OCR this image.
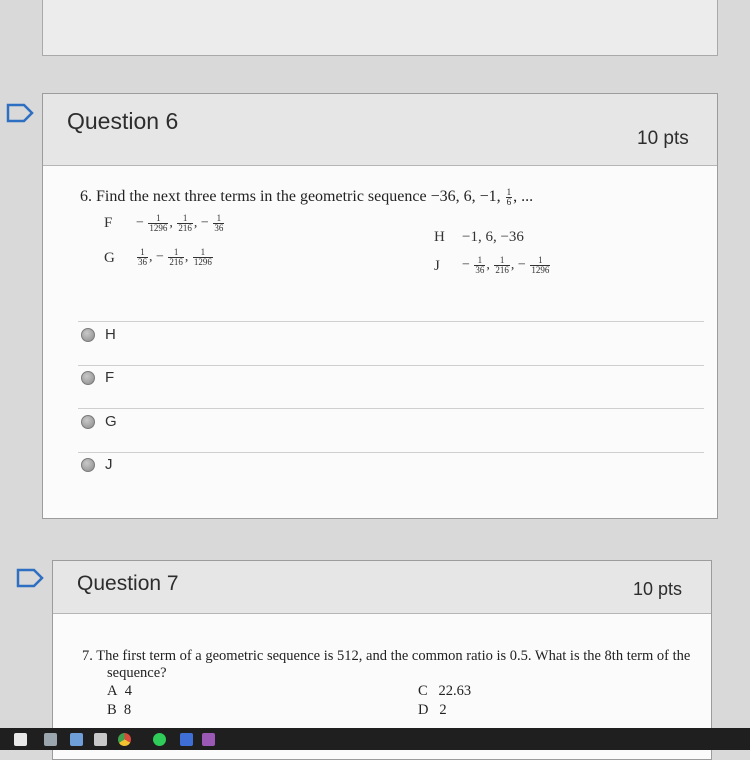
Question 6
10 pts
6. Find the next three terms in the geometric sequence −36, 6, −1, $\frac{1}{6}$ , ...
F
G
H
J
− $\frac{1}{1296}$ , $\frac{1}{216}$ , − $\frac{1}{36}$
$\frac{1}{36}$ , − $\frac{1}{216}$ , $\frac{1}{1296}$
−1, 6, −36
− $\frac{1}{36}$ , $\frac{1}{216}$ , − $\frac{1}{1296}$
H
F
G
J
Question 7	10 pts
7. The first term of a geometric sequence is 512, and the common ratio is 0.5. What is the 8th term of the
sequence?
A 4
B 8
C 22.63
D 2
